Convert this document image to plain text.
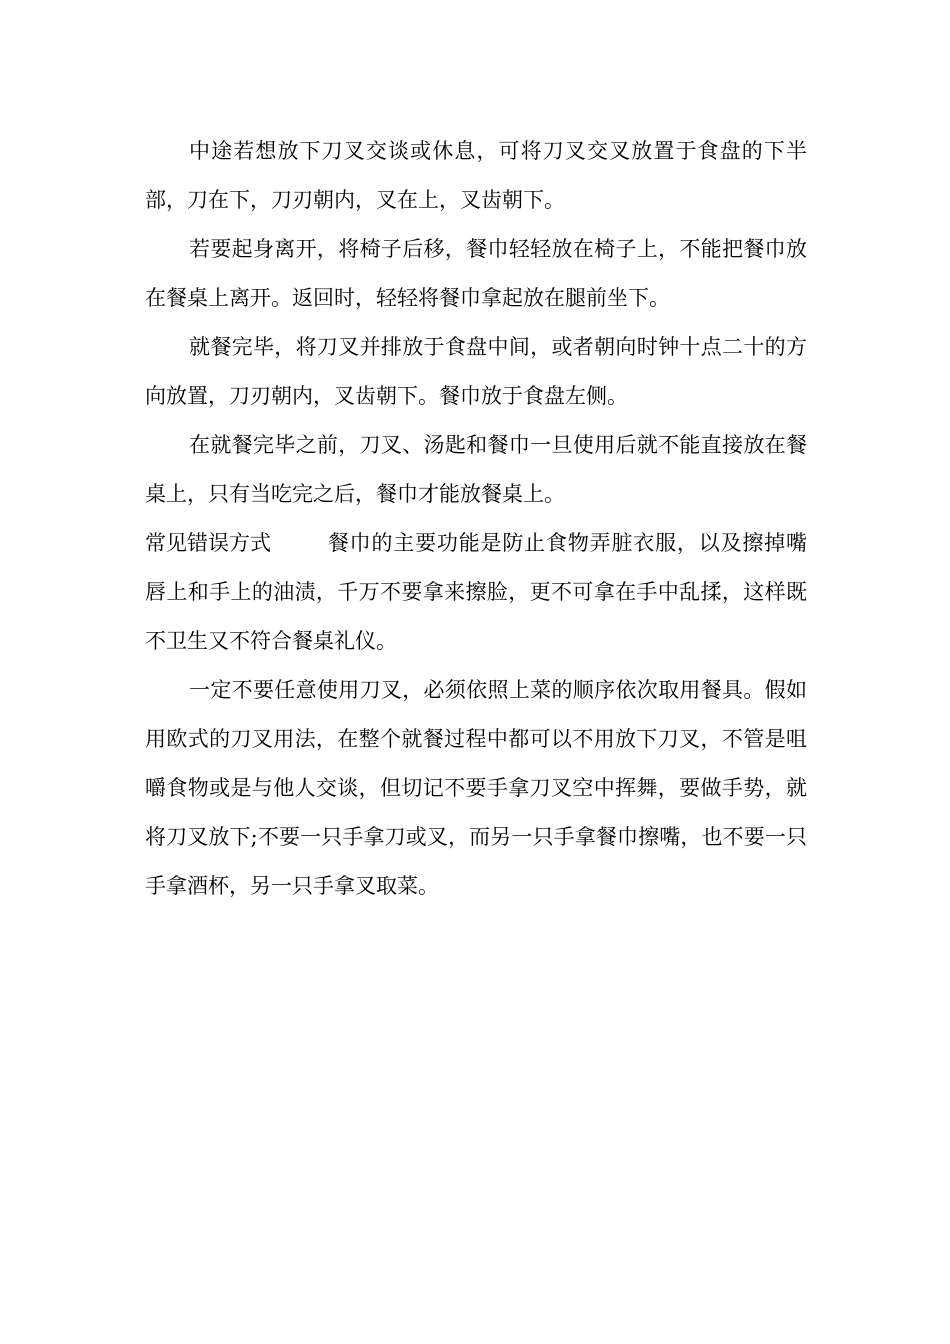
中途若想放下刀叉交谈或休息，可将刀叉交叉放置于食盘的下半部，刀在下，刀刃朝内，叉在上，叉齿朝下。

若要起身离开，将椅子后移，餐巾轻轻放在椅子上，不能把餐巾放在餐桌上离开。返回时，轻轻将餐巾拿起放在腿前坐下。

就餐完毕，将刀叉并排放于食盘中间，或者朝向时钟十点二十的方向放置，刀刃朝内，叉齿朝下。餐巾放于食盘左侧。

在就餐完毕之前，刀叉、汤匙和餐巾一旦使用后就不能直接放在餐桌上，只有当吃完之后，餐巾才能放餐桌上。

常见错误方式	餐巾的主要功能是防止食物弄脏衣服，以及擦掉嘴唇上和手上的油渍，千万不要拿来擦脸，更不可拿在手中乱揉，这样既不卫生又不符合餐桌礼仪。

一定不要任意使用刀叉，必须依照上菜的顺序依次取用餐具。假如用欧式的刀叉用法，在整个就餐过程中都可以不用放下刀叉，不管是咀嚼食物或是与他人交谈，但切记不要手拿刀叉空中挥舞，要做手势，就将刀叉放下;不要一只手拿刀或叉，而另一只手拿餐巾擦嘴，也不要一只手拿酒杯，另一只手拿叉取菜。
